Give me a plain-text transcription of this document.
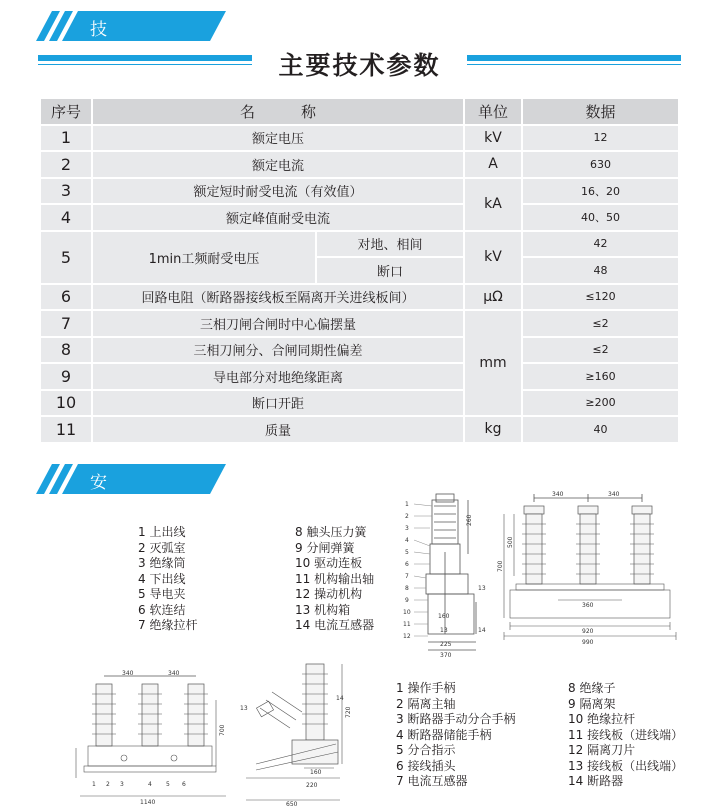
技 参	主要技术参数
序号	名 称		单位	数据
1	额定电压		kV	12
2	额定电流		A	630
3	额定短时耐受电流（有效值）		kA	16、20
4	额定峰值耐受电流			40、50
5	1min工频耐受电压	对地、相间	kV	42
		断口		48
6	回路电阻（断路器接线板至隔离开关进线板间）		μΩ	≤120
7	三相刀闸合闸时中心偏摆量		mm	≤2
8	三相刀闸分、合闸同期性偏差			≤2
9	导电部分对地绝缘距离			≥160
10	断口开距			≥200
11	质量		kg	40
安装尺寸
1 上出线
2 灭弧室
3 绝缘筒
4 下出线
5 导电夹
6 软连结
7 绝缘拉杆
8 触头压力簧
9 分闸弹簧
10 驱动连板
11 机构输出轴
12 操动机构
13 机构箱
14 电流互感器
1 操作手柄
2 隔离主轴
3 断路器手动分合手柄
4 断路器储能手柄
5 分合指示
6 接线插头
7 电流互感器
8 绝缘子
9 隔离架
10 绝缘拉杆
11 接线板（进线端）
12 隔离刀片
13 接线板（出线端）
14 断路器
1
2
3
4
5
6
7
8
9
10
11
12
13
14
260
160
13
225
370
340	340
500
700
360
920
990
340	340
700
1140
1 2 3	4 5 6
13
14
720
160
220
650
